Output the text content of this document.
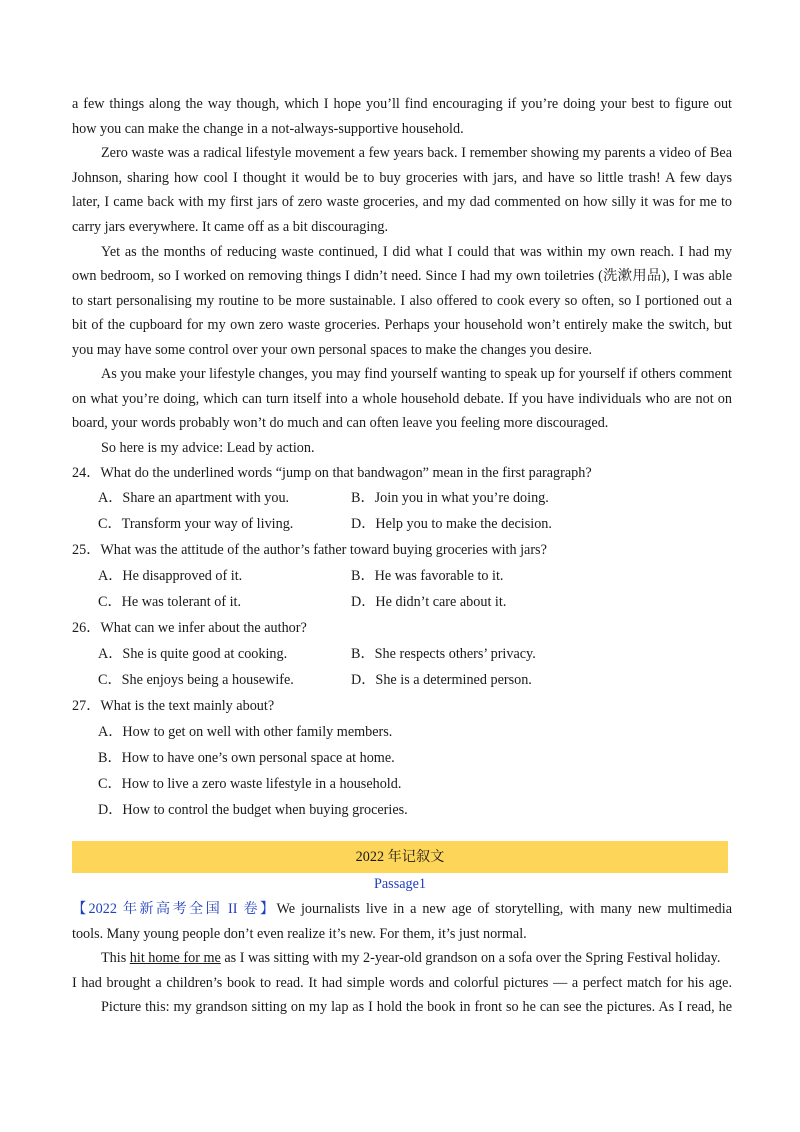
a few things along the way though, which I hope you’ll find encouraging if you’re doing your best to figure out
how you can make the change in a not-always-supportive household.
Zero waste was a radical lifestyle movement a few years back. I remember showing my parents a video of Bea
Johnson, sharing how cool I thought it would be to buy groceries with jars, and have so little trash! A few days
later, I came back with my first jars of zero waste groceries, and my dad commented on how silly it was for me to
carry jars everywhere. It came off as a bit discouraging.
Yet as the months of reducing waste continued, I did what I could that was within my own reach. I had my
own bedroom, so I worked on removing things I didn’t need. Since I had my own toiletries (洗漱用品), I was able
to start personalising my routine to be more sustainable. I also offered to cook every so often, so I portioned out a
bit of the cupboard for my own zero waste groceries. Perhaps your household won’t entirely make the switch, but
you may have some control over your own personal spaces to make the changes you desire.
As you make your lifestyle changes, you may find yourself wanting to speak up for yourself if others comment
on what you’re doing, which can turn itself into a whole household debate. If you have individuals who are not on
board, your words probably won’t do much and can often leave you feeling more discouraged.
So here is my advice: Lead by action.
24．What do the underlined words “jump on that bandwagon” mean in the first paragraph?
A．Share an apartment with you.	B．Join you in what you’re doing.
C．Transform your way of living.	D．Help you to make the decision.
25．What was the attitude of the author’s father toward buying groceries with jars?
A．He disapproved of it.	B．He was favorable to it.
C．He was tolerant of it.	D．He didn’t care about it.
26．What can we infer about the author?
A．She is quite good at cooking.	B．She respects others’ privacy.
C．She enjoys being a housewife.	D．She is a determined person.
27．What is the text mainly about?
A．How to get on well with other family members.
B．How to have one’s own personal space at home.
C．How to live a zero waste lifestyle in a household.
D．How to control the budget when buying groceries.
2022 年记叙文
Passage1
【2022 年新高考全国 II 卷】We journalists live in a new age of storytelling, with many new multimedia
tools. Many young people don’t even realize it’s new. For them, it’s just normal.
This hit home for me as I was sitting with my 2-year-old grandson on a sofa over the Spring Festival holiday.
I had brought a children’s book to read. It had simple words and colorful pictures — a perfect match for his age.
Picture this: my grandson sitting on my lap as I hold the book in front so he can see the pictures. As I read, he
